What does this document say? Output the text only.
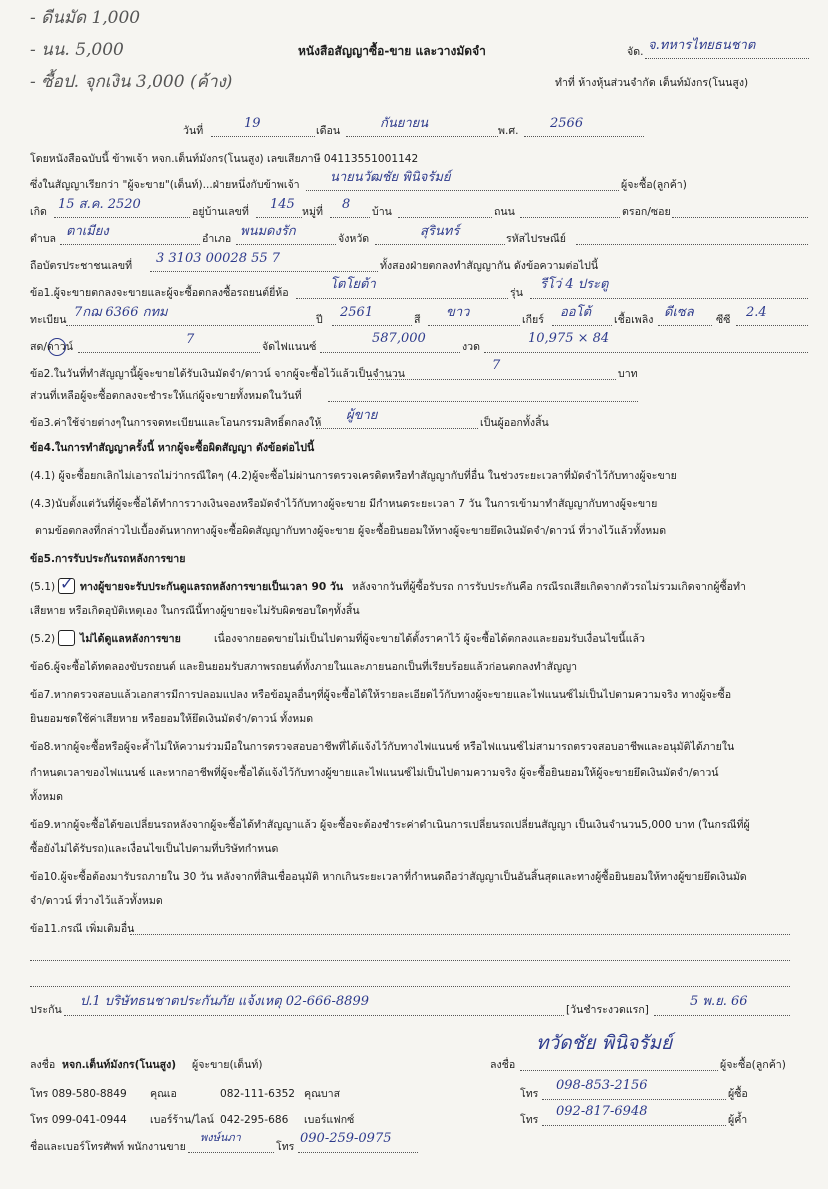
- ดีนมัด 1,000
- นน. 5,000
- ซื้อป. จุกเงิน 3,000 (ค้าง)
หนังสือสัญญาซื้อ-ขาย และวางมัดจำ	จัด. จ.ทหารไทยธนชาต
ทำที่ ห้างหุ้นส่วนจำกัด เต็นท์มังกร(โนนสูง)
วันที่	19	เดือน	กันยายน	พ.ศ. 2566
โดยหนังสือฉบับนี้ ข้าพเจ้า หจก.เต็นท์มังกร(โนนสูง) เลขเสียภาษี 04113551001142
ซึ่งในสัญญาเรียกว่า "ผู้จะขาย"(เต็นท์)...ฝ่ายหนึ่งกับข้าพเจ้า นายนวัฒชัย พินิจรัมย์	ผู้จะซื้อ(ลูกค้า)
เกิด 15 ส.ค. 2520	อยู่บ้านเลขที่ 145 หมู่ที่ 8 บ้าน	ถนน	ตรอก/ซอย
ตำบล ตาเมียง	อำเภอ พนมดงรัก	จังหวัด	สุรินทร์	รหัสไปรษณีย์
ถือบัตรประชาชนเลขที่ 3 3103 00028 55 7	ทั้งสองฝ่ายตกลงทำสัญญากัน ดังข้อความต่อไปนี้
ข้อ1.ผู้จะขายตกลงจะขายและผู้จะซื้อตกลงซื้อรถยนต์ยี่ห้อ
โตโยต้า
รุ่น
รีโว่ 4 ประตู
ทะเบียน 7กฌ 6366 กทม	ปี 2561	สี ขาว	เกียร์ ออโต้ เชื้อเพลิง ดีเซล ซีซี 2.4
สด/ดาวน์	7	จัดไฟแนนซ์
587,000
งวด
10,975 × 84
ข้อ2.ในวันที่ทำสัญญานี้ผู้จะขายได้รับเงินมัดจำ/ดาวน์ จากผู้จะซื้อไว้แล้วเป็นจำนวน
7
บาท
ส่วนที่เหลือผู้จะซื้อตกลงจะชำระให้แก่ผู้จะขายทั้งหมดในวันที่
ข้อ3.ค่าใช้จ่ายต่างๆในการจดทะเบียนและโอนกรรมสิทธิ์ตกลงให้ ผู้ขาย	เป็นผู้ออกทั้งสิ้น
ข้อ4.ในการทำสัญญาครั้งนี้ หากผู้จะซื้อผิดสัญญา ดังข้อต่อไปนี้
(4.1) ผู้จะซื้อยกเลิกไม่เอารถไม่ว่ากรณีใดๆ (4.2)ผู้จะซื้อไม่ผ่านการตรวจเครดิตหรือทำสัญญากับที่อื่น ในช่วงระยะเวลาที่มัดจำไว้กับทางผู้จะขาย
(4.3)นับตั้งแต่วันที่ผู้จะซื้อได้ทำการวางเงินจองหรือมัดจำไว้กับทางผู้จะขาย มีกำหนดระยะเวลา 7 วัน ในการเข้ามาทำสัญญากับทางผู้จะขาย
ตามข้อตกลงที่กล่าวไปเบื้องต้นหากทางผู้จะซื้อผิดสัญญากับทางผู้จะขาย ผู้จะซื้อยินยอมให้ทางผู้จะขายยึดเงินมัดจำ/ดาวน์ ที่วางไว้แล้วทั้งหมด
ข้อ5.การรับประกันรถหลังการขาย
(5.1) ✓ ทางผู้ขายจะรับประกันดูแลรถหลังการขายเป็นเวลา 90 วัน หลังจากวันที่ผู้ซื้อรับรถ การรับประกันคือ กรณีรถเสียเกิดจากตัวรถไม่รวมเกิดจากผู้ซื้อทำ
เสียหาย หรือเกิดอุบัติเหตุเอง ในกรณีนี้ทางผู้ขายจะไม่รับผิดชอบใดๆทั้งสิ้น
(5.2) ไม่ได้ดูแลหลังการขาย	เนื่องจากยอดขายไม่เป็นไปตามที่ผู้จะขายได้ตั้งราคาไว้ ผู้จะซื้อได้ตกลงและยอมรับเงื่อนไขนี้แล้ว
ข้อ6.ผู้จะซื้อได้ทดลองขับรถยนต์ และยินยอมรับสภาพรถยนต์ทั้งภายในและภายนอกเป็นที่เรียบร้อยแล้วก่อนตกลงทำสัญญา
ข้อ7.หากตรวจสอบแล้วเอกสารมีการปลอมแปลง หรือข้อมูลอื่นๆที่ผู้จะซื้อได้ให้รายละเอียดไว้กับทางผู้จะขายและไฟแนนซ์ไม่เป็นไปตามความจริง ทางผู้จะซื้อ
ยินยอมชดใช้ค่าเสียหาย หรือยอมให้ยึดเงินมัดจำ/ดาวน์ ทั้งหมด
ข้อ8.หากผู้จะซื้อหรือผู้จะค้ำไม่ให้ความร่วมมือในการตรวจสอบอาชีพที่ได้แจ้งไว้กับทางไฟแนนซ์ หรือไฟแนนซ์ไม่สามารถตรวจสอบอาชีพและอนุมัติได้ภายใน
กำหนดเวลาของไฟแนนซ์ และหากอาชีพที่ผู้จะซื้อได้แจ้งไว้กับทางผู้ขายและไฟแนนซ์ไม่เป็นไปตามความจริง ผู้จะซื้อยินยอมให้ผู้จะขายยึดเงินมัดจำ/ดาวน์
ทั้งหมด
ข้อ9.หากผู้จะซื้อได้ขอเปลี่ยนรถหลังจากผู้จะซื้อได้ทำสัญญาแล้ว ผู้จะซื้อจะต้องชำระค่าดำเนินการเปลี่ยนรถเปลี่ยนสัญญา เป็นเงินจำนวน5,000 บาท (ในกรณีที่ผู้
ซื้อยังไม่ได้รับรถ)และเงื่อนไขเป็นไปตามที่บริษัทกำหนด
ข้อ10.ผู้จะซื้อต้องมารับรถภายใน 30 วัน หลังจากที่สินเชื่ออนุมัติ หากเกินระยะเวลาที่กำหนดถือว่าสัญญาเป็นอันสิ้นสุดและทางผู้ซื้อยินยอมให้ทางผู้ขายยึดเงินมัด
จำ/ดาวน์ ที่วางไว้แล้วทั้งหมด
ข้อ11.กรณี เพิ่มเติมอื่น
ประกัน
ป.1 บริษัทธนชาตประกันภัย แจ้งเหตุ 02-666-8899
[วันชำระงวดแรก]
5 พ.ย. 66
ลงชื่อ หจก.เต็นท์มังกร(โนนสูง) ผู้จะขาย(เต็นท์)
โทร 089-580-8849 คุณเอ	082-111-6352 คุณบาส
โทร 099-041-0944 เบอร์ร้าน/ไลน์ 042-295-686 เบอร์แฟกซ์
ชื่อและเบอร์โทรศัพท์ พนักงานขาย
พงษ์นภา
โทร
090-259-0975
ลงชื่อ
ทวัดชัย พินิจรัมย์
ผู้จะซื้อ(ลูกค้า)
โทร
098-853-2156
ผู้ซื้อ
โทร
092-817-6948
ผู้ค้ำ
